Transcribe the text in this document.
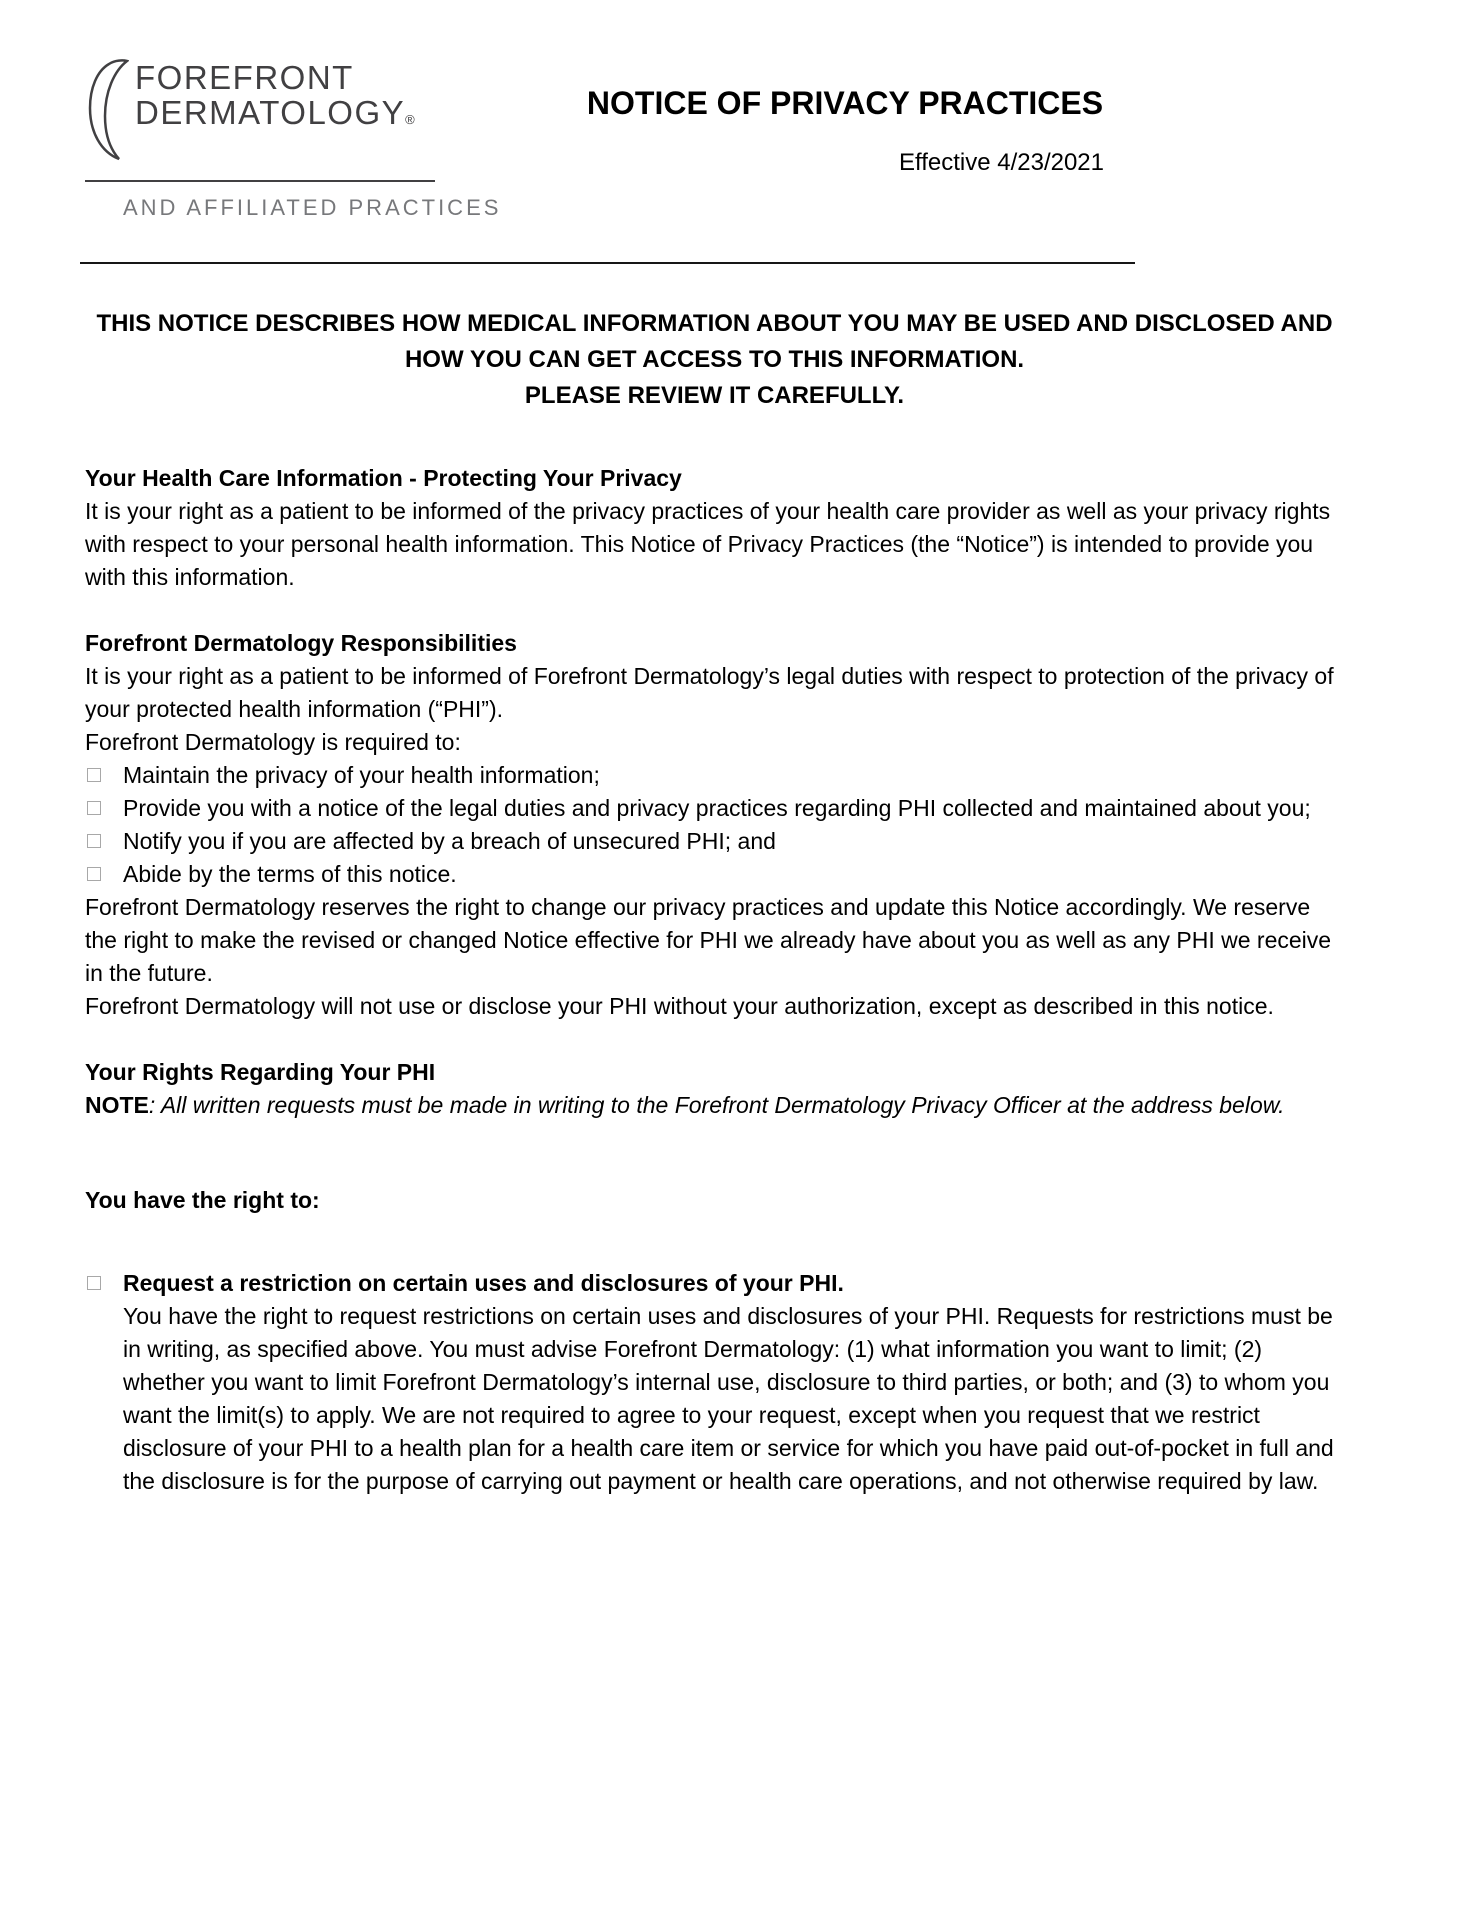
FOREFRONT
DERMATOLOGY®
AND AFFILIATED PRACTICES
NOTICE OF PRIVACY PRACTICES
Effective 4/23/2021
THIS NOTICE DESCRIBES HOW MEDICAL INFORMATION ABOUT YOU MAY BE USED AND DISCLOSED AND HOW YOU CAN GET ACCESS TO THIS INFORMATION.
PLEASE REVIEW IT CAREFULLY.
Your Health Care Information - Protecting Your Privacy

It is your right as a patient to be informed of the privacy practices of your health care provider as well as your privacy rights with respect to your personal health information. This Notice of Privacy Practices (the “Notice”) is intended to provide you with this information.

Forefront Dermatology Responsibilities

It is your right as a patient to be informed of Forefront Dermatology’s legal duties with respect to protection of the privacy of your protected health information (“PHI”).

Forefront Dermatology is required to:

Maintain the privacy of your health information;
Provide you with a notice of the legal duties and privacy practices regarding PHI collected and maintained about you;
Notify you if you are affected by a breach of unsecured PHI; and
Abide by the terms of this notice.

Forefront Dermatology reserves the right to change our privacy practices and update this Notice accordingly. We reserve the right to make the revised or changed Notice effective for PHI we already have about you as well as any PHI we receive in the future.

Forefront Dermatology will not use or disclose your PHI without your authorization, except as described in this notice.

Your Rights Regarding Your PHI

NOTE: All written requests must be made in writing to the Forefront Dermatology Privacy Officer at the address below.

You have the right to:
Request a restriction on certain uses and disclosures of your PHI.
You have the right to request restrictions on certain uses and disclosures of your PHI. Requests for restrictions must be in writing, as specified above. You must advise Forefront Dermatology: (1) what information you want to limit; (2) whether you want to limit Forefront Dermatology’s internal use, disclosure to third parties, or both; and (3) to whom you want the limit(s) to apply. We are not required to agree to your request, except when you request that we restrict disclosure of your PHI to a health plan for a health care item or service for which you have paid out-of-pocket in full and the disclosure is for the purpose of carrying out payment or health care operations, and not otherwise required by law.
